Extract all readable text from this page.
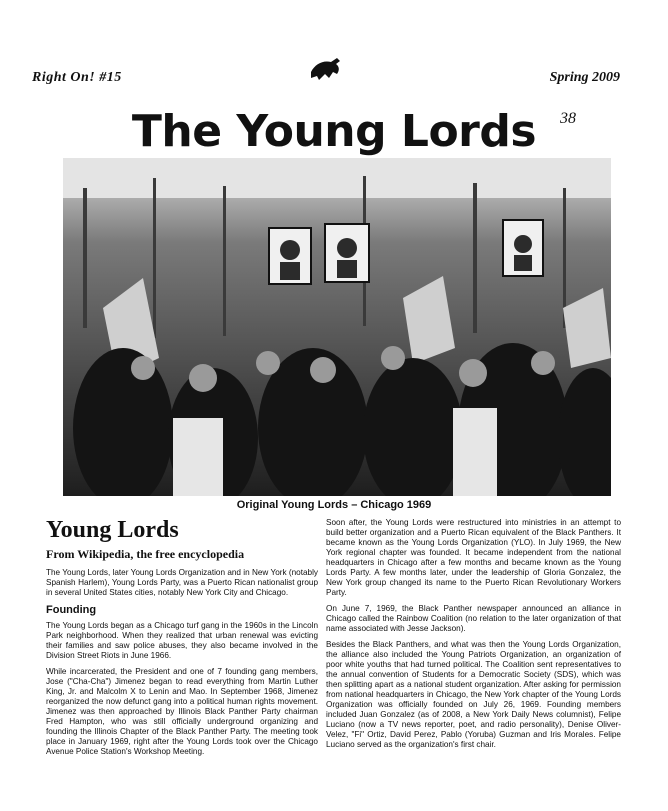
Right On! #15	Spring 2009
38
The Young Lords
Original Young Lords – Chicago 1969
Young Lords
From Wikipedia, the free encyclopedia

The Young Lords, later Young Lords Organization and in New York (notably Spanish Harlem), Young Lords Party, was a Puerto Rican nationalist group in several United States cities, notably New York City and Chicago.

Founding

The Young Lords began as a Chicago turf gang in the 1960s in the Lincoln Park neighborhood. When they realized that urban renewal was evicting their families and saw police abuses, they also became involved in the Division Street Riots in June 1966.

While incarcerated, the President and one of 7 founding gang members, Jose ("Cha-Cha") Jimenez began to read everything from Martin Luther King, Jr. and Malcolm X to Lenin and Mao. In September 1968, Jimenez reorganized the now defunct gang into a political human rights movement. Jimenez was then approached by Illinois Black Panther Party chairman Fred Hampton, who was still officially underground organizing and founding the Illinois Chapter of the Black Panther Party. The meeting took place in January 1969, right after the Young Lords took over the Chicago Avenue Police Station's Workshop Meeting.

Soon after, the Young Lords were restructured into ministries in an attempt to build better organization and a Puerto Rican equivalent of the Black Panthers. It became known as the Young Lords Organization (YLO). In July 1969, the New York regional chapter was founded. It became independent from the national headquarters in Chicago after a few months and became known as the Young Lords Party. A few months later, under the leadership of Gloria Gonzalez, the New York group changed its name to the Puerto Rican Revolutionary Workers Party.

On June 7, 1969, the Black Panther newspaper announced an alliance in Chicago called the Rainbow Coalition (no relation to the later organization of that name associated with Jesse Jackson).

Besides the Black Panthers, and what was then the Young Lords Organization, the alliance also included the Young Patriots Organization, an organization of poor white youths that had turned political. The Coalition sent representatives to the annual convention of Students for a Democratic Society (SDS), which was then splitting apart as a national student organization. After asking for permission from national headquarters in Chicago, the New York chapter of the Young Lords Organization was officially founded on July 26, 1969. Founding members included Juan Gonzalez (as of 2008, a New York Daily News columnist), Felipe Luciano (now a TV news reporter, poet, and radio personality), Denise Oliver-Velez, "Fi" Ortiz, David Perez, Pablo (Yoruba) Guzman and Iris Morales. Felipe Luciano served as the organization's first chair.
